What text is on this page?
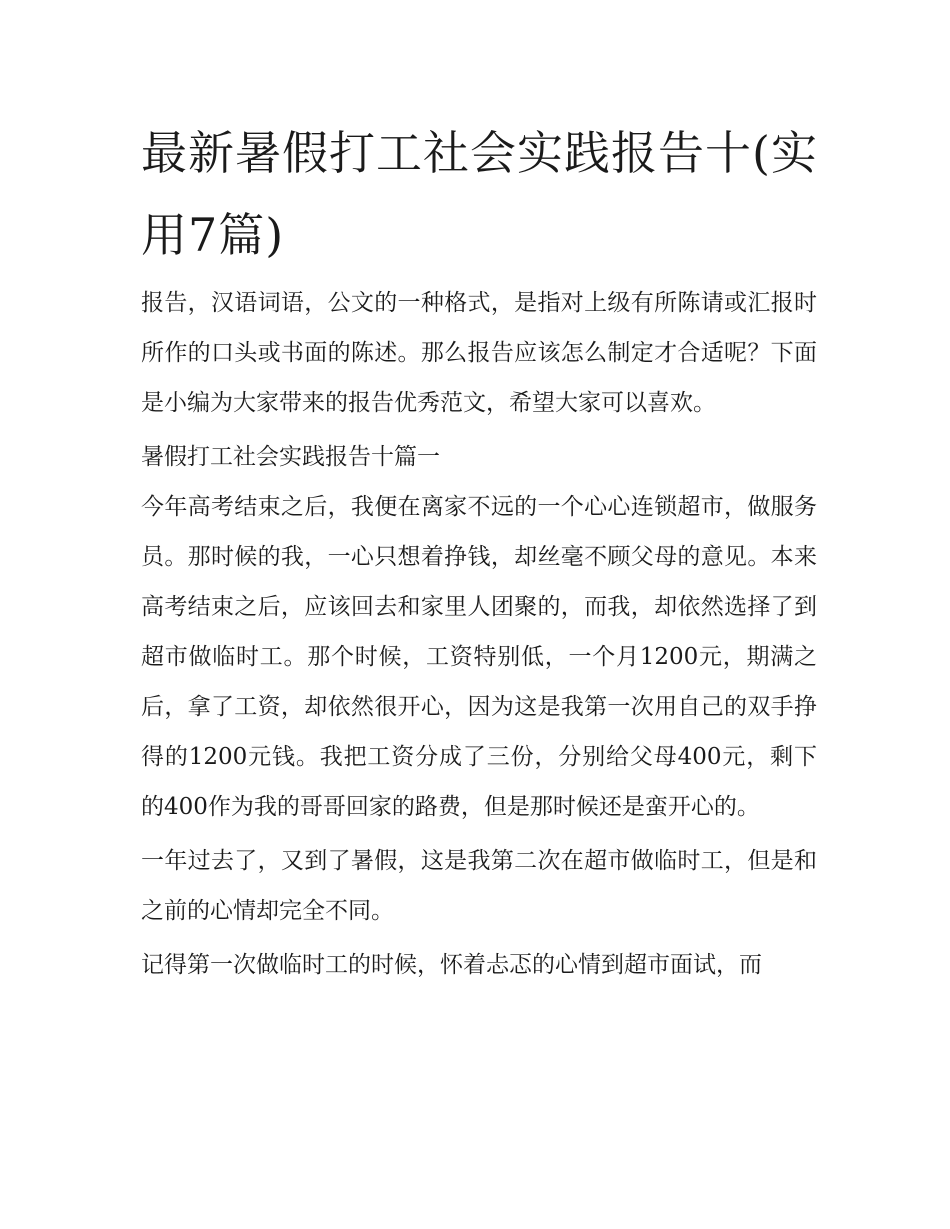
最新暑假打工社会实践报告十(实用7篇)

报告，汉语词语，公文的一种格式，是指对上级有所陈请或汇报时所作的口头或书面的陈述。那么报告应该怎么制定才合适呢？下面是小编为大家带来的报告优秀范文，希望大家可以喜欢。

暑假打工社会实践报告十篇一

今年高考结束之后，我便在离家不远的一个心心连锁超市，做服务员。那时候的我，一心只想着挣钱，却丝毫不顾父母的意见。本来高考结束之后，应该回去和家里人团聚的，而我，却依然选择了到超市做临时工。那个时候，工资特别低，一个月1200元，期满之后，拿了工资，却依然很开心，因为这是我第一次用自己的双手挣得的1200元钱。我把工资分成了三份，分别给父母400元，剩下的400作为我的哥哥回家的路费，但是那时候还是蛮开心的。

一年过去了，又到了暑假，这是我第二次在超市做临时工，但是和之前的心情却完全不同。

记得第一次做临时工的时候，怀着忐忑的心情到超市面试，而
